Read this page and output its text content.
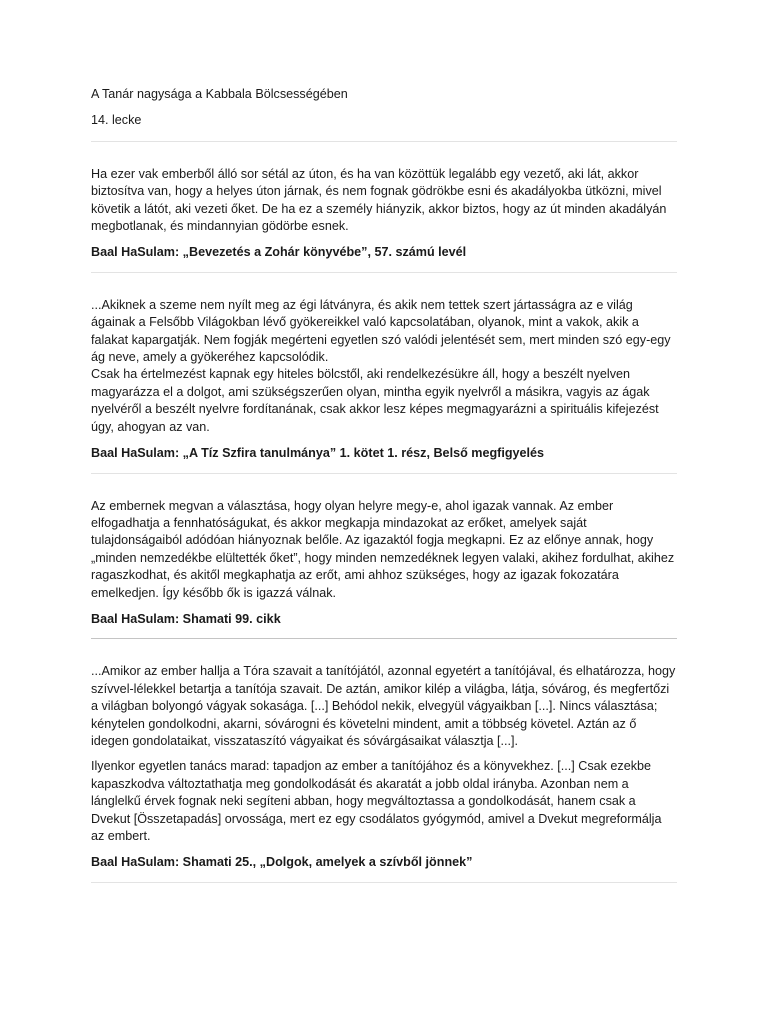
A Tanár nagysága a Kabbala Bölcsességében

14. lecke

Ha ezer vak emberből álló sor sétál az úton, és ha van közöttük legalább egy vezető, aki lát, akkor biztosítva van, hogy a helyes úton járnak, és nem fognak gödrökbe esni és akadályokba ütközni, mivel követik a látót, aki vezeti őket. De ha ez a személy hiányzik, akkor biztos, hogy az út minden akadályán megbotlanak, és mindannyian gödörbe esnek.

Baal HaSulam: „Bevezetés a Zohár könyvébe”, 57. számú levél

...Akiknek a szeme nem nyílt meg az égi látványra, és akik nem tettek szert jártasságra az e világ ágainak a Felsőbb Világokban lévő gyökereikkel való kapcsolatában, olyanok, mint a vakok, akik a falakat kapargatják. Nem fogják megérteni egyetlen szó valódi jelentését sem, mert minden szó egy-egy ág neve, amely a gyökeréhez kapcsolódik.
Csak ha értelmezést kapnak egy hiteles bölcstől, aki rendelkezésükre áll, hogy a beszélt nyelven magyarázza el a dolgot, ami szükségszerűen olyan, mintha egyik nyelvről a másikra, vagyis az ágak nyelvéről a beszélt nyelvre fordítanának, csak akkor lesz képes megmagyarázni a spirituális kifejezést úgy, ahogyan az van.

Baal HaSulam: „A Tíz Szfira tanulmánya” 1. kötet 1. rész, Belső megfigyelés

Az embernek megvan a választása, hogy olyan helyre megy-e, ahol igazak vannak. Az ember elfogadhatja a fennhatóságukat, és akkor megkapja mindazokat az erőket, amelyek saját tulajdonságaiból adódóan hiányoznak belőle. Az igazaktól fogja megkapni. Ez az előnye annak, hogy „minden nemzedékbe elültették őket”, hogy minden nemzedéknek legyen valaki, akihez fordulhat, akihez ragaszkodhat, és akitől megkaphatja az erőt, ami ahhoz szükséges, hogy az igazak fokozatára emelkedjen. Így később ők is igazzá válnak.

Baal HaSulam: Shamati 99. cikk

...Amikor az ember hallja a Tóra szavait a tanítójától, azonnal egyetért a tanítójával, és elhatározza, hogy szívvel-lélekkel betartja a tanítója szavait. De aztán, amikor kilép a világba, látja, sóvárog, és megfertőzi a világban bolyongó vágyak sokasága. [...] Behódol nekik, elvegyül vágyaikban [...]. Nincs választása; kénytelen gondolkodni, akarni, sóvárogni és követelni mindent, amit a többség követel. Aztán az ő idegen gondolataikat, visszataszító vágyaikat és sóvárgásaikat választja [...].

Ilyenkor egyetlen tanács marad: tapadjon az ember a tanítójához és a könyvekhez. [...] Csak ezekbe kapaszkodva változtathatja meg gondolkodását és akaratát a jobb oldal irányba. Azonban nem a lánglelkű érvek fognak neki segíteni abban, hogy megváltoztassa a gondolkodását, hanem csak a Dvekut [Összetapadás] orvossága, mert ez egy csodálatos gyógymód, amivel a Dvekut megreformálja az embert.

Baal HaSulam: Shamati 25., „Dolgok, amelyek a szívből jönnek”
